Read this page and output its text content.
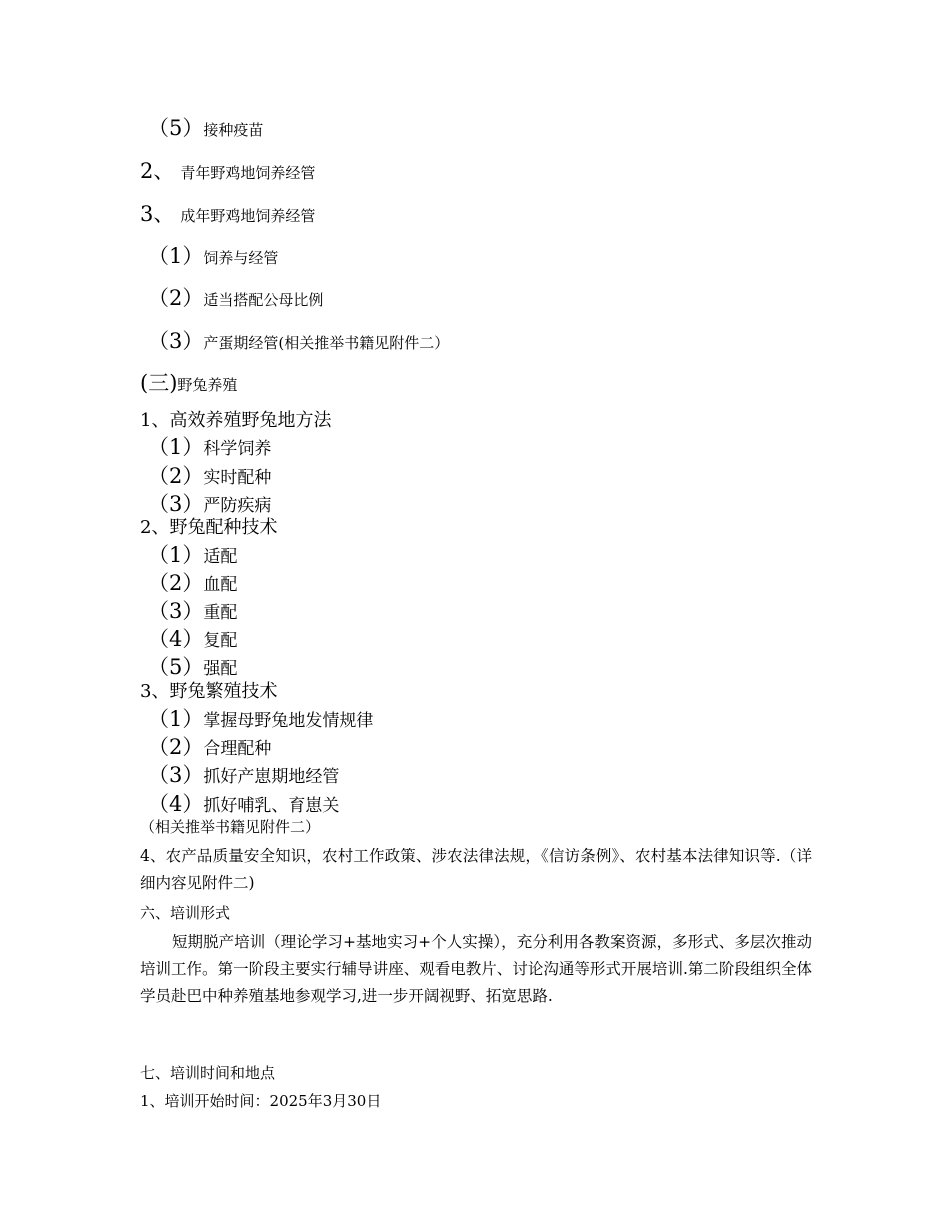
（5）接种疫苗
2、 青年野鸡地饲养经管
3、 成年野鸡地饲养经管
（1）饲养与经管
（2）适当搭配公母比例
（3）产蛋期经管(相关推举书籍见附件二）
(三)野兔养殖
1、高效养殖野兔地方法
（1）科学饲养
（2）实时配种
（3）严防疾病
2、野兔配种技术
（1）适配
（2）血配
（3）重配
（4）复配
（5）强配
3、野兔繁殖技术
（1）掌握母野兔地发情规律
（2）合理配种
（3）抓好产崽期地经管
（4）抓好哺乳、育崽关
（相关推举书籍见附件二）
4、农产品质量安全知识，农村工作政策、涉农法律法规，《信访条例》、农村基本法律知识等.（详细内容见附件二)
六、培训形式
短期脱产培训（理论学习+基地实习+个人实操），充分利用各教案资源，多形式、多层次推动培训工作。第一阶段主要实行辅导讲座、观看电教片、讨论沟通等形式开展培训.第二阶段组织全体学员赴巴中种养殖基地参观学习,进一步开阔视野、拓宽思路.
七、培训时间和地点
1、培训开始时间：2025年3月30日
